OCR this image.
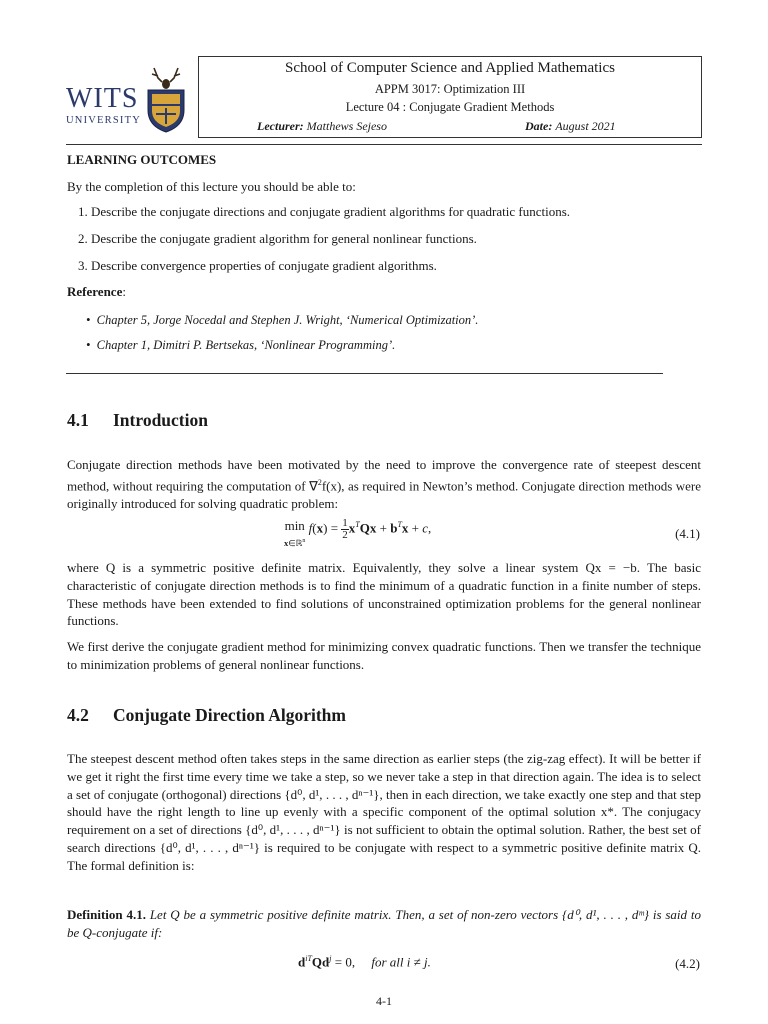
WITS
UNIVERSITY
School of Computer Science and Applied Mathematics
APPM 3017: Optimization III
Lecture 04 : Conjugate Gradient Methods
Lecturer: Matthews Sejeso	Date: August 2021
LEARNING OUTCOMES
By the completion of this lecture you should be able to:
1. Describe the conjugate directions and conjugate gradient algorithms for quadratic functions.
2. Describe the conjugate gradient algorithm for general nonlinear functions.
3. Describe convergence properties of conjugate gradient algorithms.
Reference:
•  Chapter 5, Jorge Nocedal and Stephen J. Wright, ‘Numerical Optimization’.
•  Chapter 1, Dimitri P. Bertsekas, ‘Nonlinear Programming’.
4.1 Introduction
Conjugate direction methods have been motivated by the need to improve the convergence rate of steepest descent method, without requiring the computation of ∇$^2$f(x), as required in Newton’s method. Conjugate direction methods were originally introduced for solving quadratic problem:
min
x∈ℝ$^n$ f(x) = 1
$2x^TQx + b^Tx + c$,	(4.1)
where Q is a symmetric positive definite matrix. Equivalently, they solve a linear system Qx = −b. The basic characteristic of conjugate direction methods is to find the minimum of a quadratic function in a finite number of steps. These methods have been extended to find solutions of unconstrained optimization problems for the general nonlinear functions.
We first derive the conjugate gradient method for minimizing convex quadratic functions. Then we transfer the technique to minimization problems of general nonlinear functions.
4.2 Conjugate Direction Algorithm
The steepest descent method often takes steps in the same direction as earlier steps (the zig-zag effect). It will be better if we get it right the first time every time we take a step, so we never take a step in that direction again. The idea is to select a set of conjugate (orthogonal) directions {d⁰, d¹, . . . , dⁿ⁻¹}, then in each direction, we take exactly one step and that step should have the right length to line up evenly with a specific component of the optimal solution x*. The conjugacy requirement on a set of directions {d⁰, d¹, . . . , dⁿ⁻¹} is not sufficient to obtain the optimal solution. Rather, the best set of search directions {d⁰, d¹, . . . , dⁿ⁻¹} is required to be conjugate with respect to a symmetric positive definite matrix Q. The formal definition is:
Definition 4.1. Let Q be a symmetric positive definite matrix. Then, a set of non-zero vectors {d⁰, d¹, . . . , dᵐ} is said to be Q-conjugate if:
$d^{iT}Qd^j = 0$,     for all i ≠ j.	(4.2)
4-1
